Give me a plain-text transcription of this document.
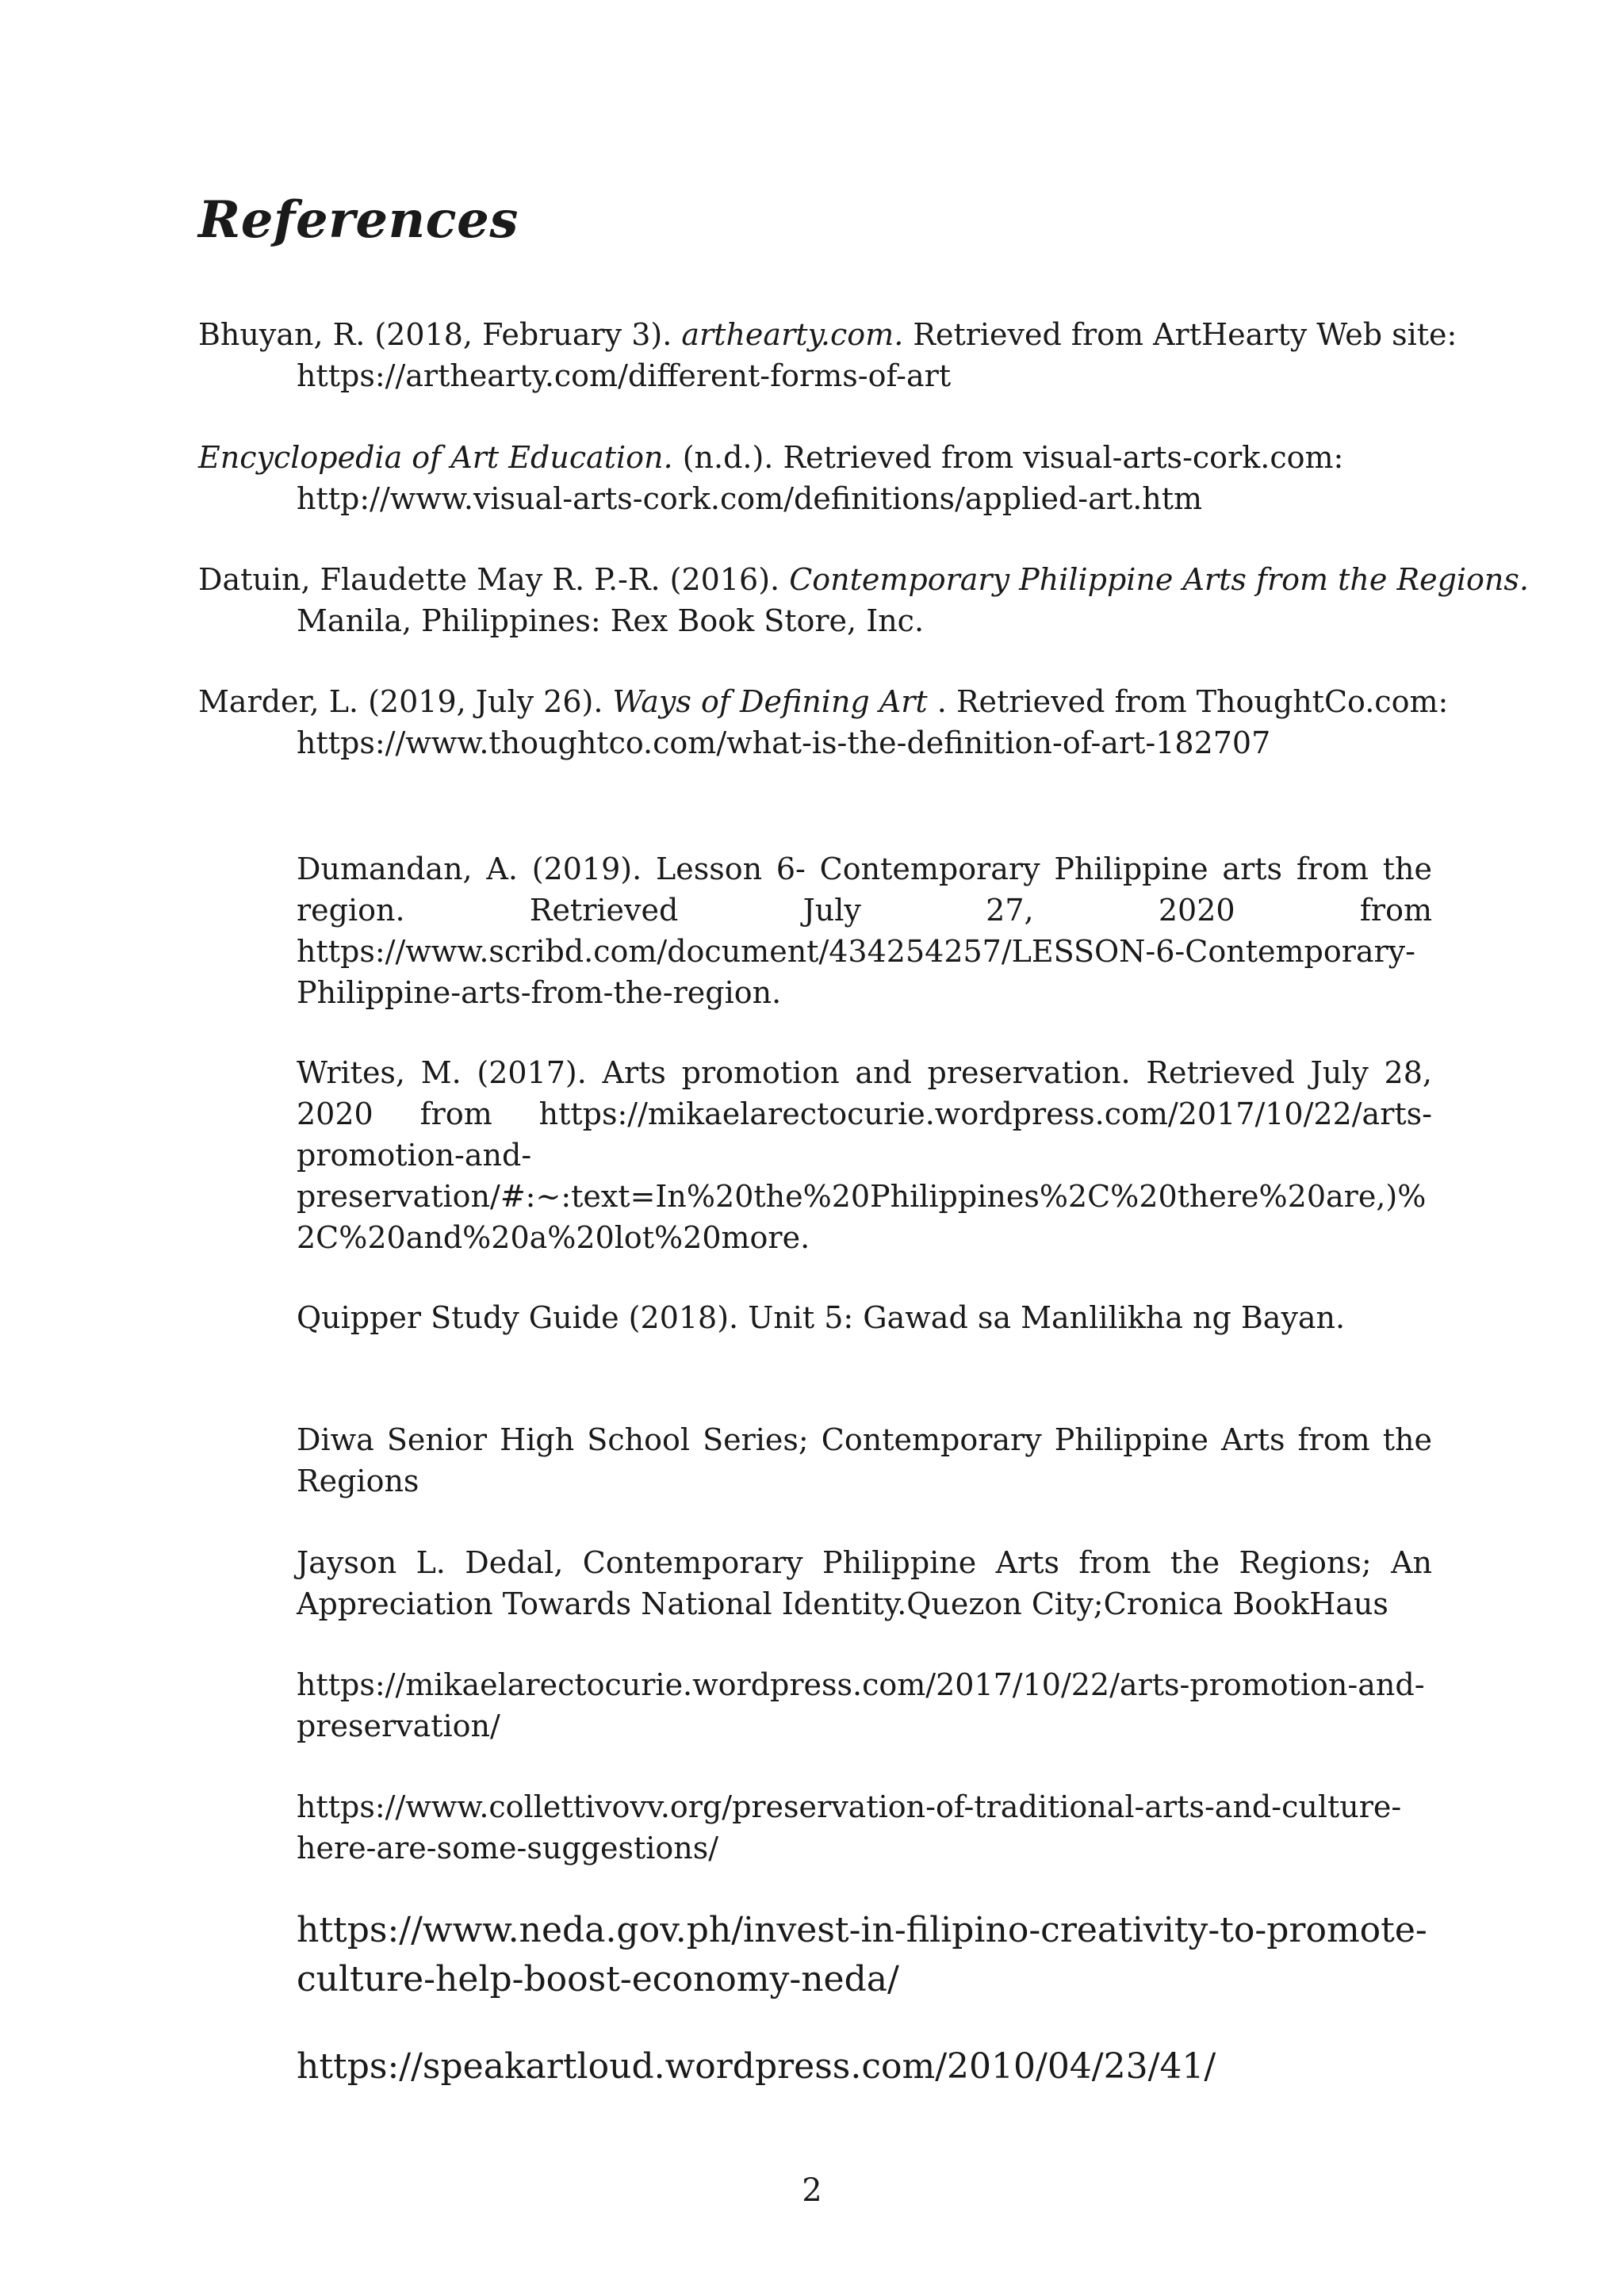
References

Bhuyan, R. (2018, February 3). arthearty.com. Retrieved from ArtHearty Web site: https://arthearty.com/different-forms-of-art

Encyclopedia of Art Education. (n.d.). Retrieved from visual-arts-cork.com: http://www.visual-arts-cork.com/definitions/applied-art.htm

Datuin, Flaudette May R. P.-R. (2016). Contemporary Philippine Arts from the Regions. Manila, Philippines: Rex Book Store, Inc.

Marder, L. (2019, July 26). Ways of Defining Art . Retrieved from ThoughtCo.com: https://www.thoughtco.com/what-is-the-definition-of-art-182707

Dumandan, A. (2019). Lesson 6- Contemporary Philippine arts from the region. Retrieved July 27, 2020 from https://www.scribd.com/document/434254257/LESSON-6-Contemporary-Philippine-arts-from-the-region.

Writes, M. (2017). Arts promotion and preservation. Retrieved July 28, 2020 from https://mikaelarectocurie.wordpress.com/2017/10/22/arts-promotion-and-preservation/#:~:text=In%20the%20Philippines%2C%20there%20are,)%2C%20and%20a%20lot%20more.

Quipper Study Guide (2018). Unit 5: Gawad sa Manlilikha ng Bayan.

Diwa Senior High School Series; Contemporary Philippine Arts from the Regions

Jayson L. Dedal, Contemporary Philippine Arts from the Regions; An Appreciation Towards National Identity.Quezon City;Cronica BookHaus

https://mikaelarectocurie.wordpress.com/2017/10/22/arts-promotion-and-preservation/

https://www.collettivovv.org/preservation-of-traditional-arts-and-culture-here-are-some-suggestions/

https://www.neda.gov.ph/invest-in-filipino-creativity-to-promote-culture-help-boost-economy-neda/

https://speakartloud.wordpress.com/2010/04/23/41/

2
